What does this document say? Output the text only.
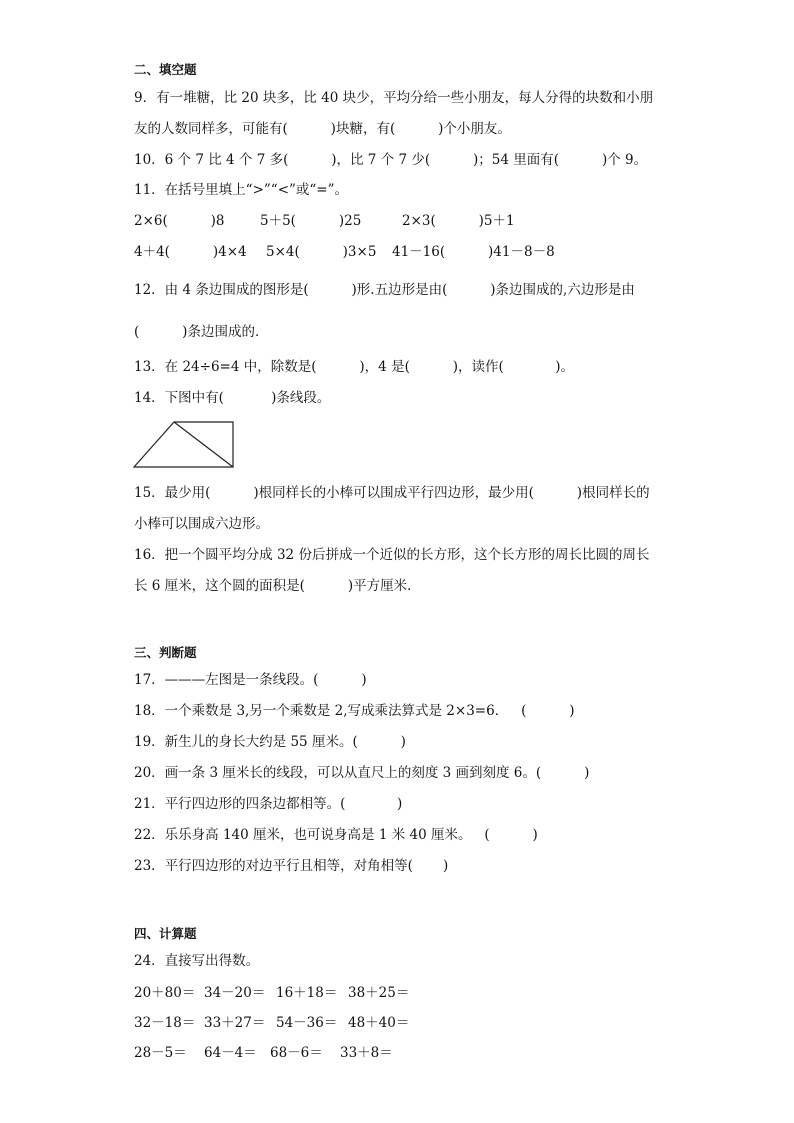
二、填空题
9．有一堆糖，比 20 块多，比 40 块少，平均分给一些小朋友，每人分得的块数和小朋
友的人数同样多，可能有(          )块糖，有(          )个小朋友。
10．6 个 7 比 4 个 7 多(          )，比 7 个 7 少(          )；54 里面有(          )个 9。
11．在括号里填上“>”“<”或“=”。
2×6(          )8	5＋5(          )25	2×3(          )5＋1
4＋4(          )4×4 5×4(          )3×5 41－16(          )41－8－8
12．由 4 条边围成的图形是(          )形.五边形是由(          )条边围成的,六边形是由
(          )条边围成的．
13．在 24÷6=4 中，除数是(          )，4 是(          )，读作(            )。
14．下图中有(           )条线段。
15．最少用(          )根同样长的小棒可以围成平行四边形，最少用(          )根同样长的
小棒可以围成六边形。
16．把一个圆平均分成 32 份后拼成一个近似的长方形，这个长方形的周长比圆的周长
长 6 厘米，这个圆的面积是(          )平方厘米．
三、判断题
17．———左图是一条线段。(          )
18．一个乘数是 3,另一个乘数是 2,写成乘法算式是 2×3=6．   (          )
19．新生儿的身长大约是 55 厘米。(          )
20．画一条 3 厘米长的线段，可以从直尺上的刻度 3 画到刻度 6。(          )
21．平行四边形的四条边都相等。(            )
22．乐乐身高 140 厘米，也可说身高是 1 米 40 厘米。   (          )
23．平行四边形的对边平行且相等，对角相等(       )
四、计算题
24．直接写出得数。
20＋80＝ 34－20＝ 16＋18＝ 38＋25＝
32－18＝ 33＋27＝ 54－36＝ 48＋40＝
28－5＝ 64－4＝ 68－6＝ 33＋8＝
